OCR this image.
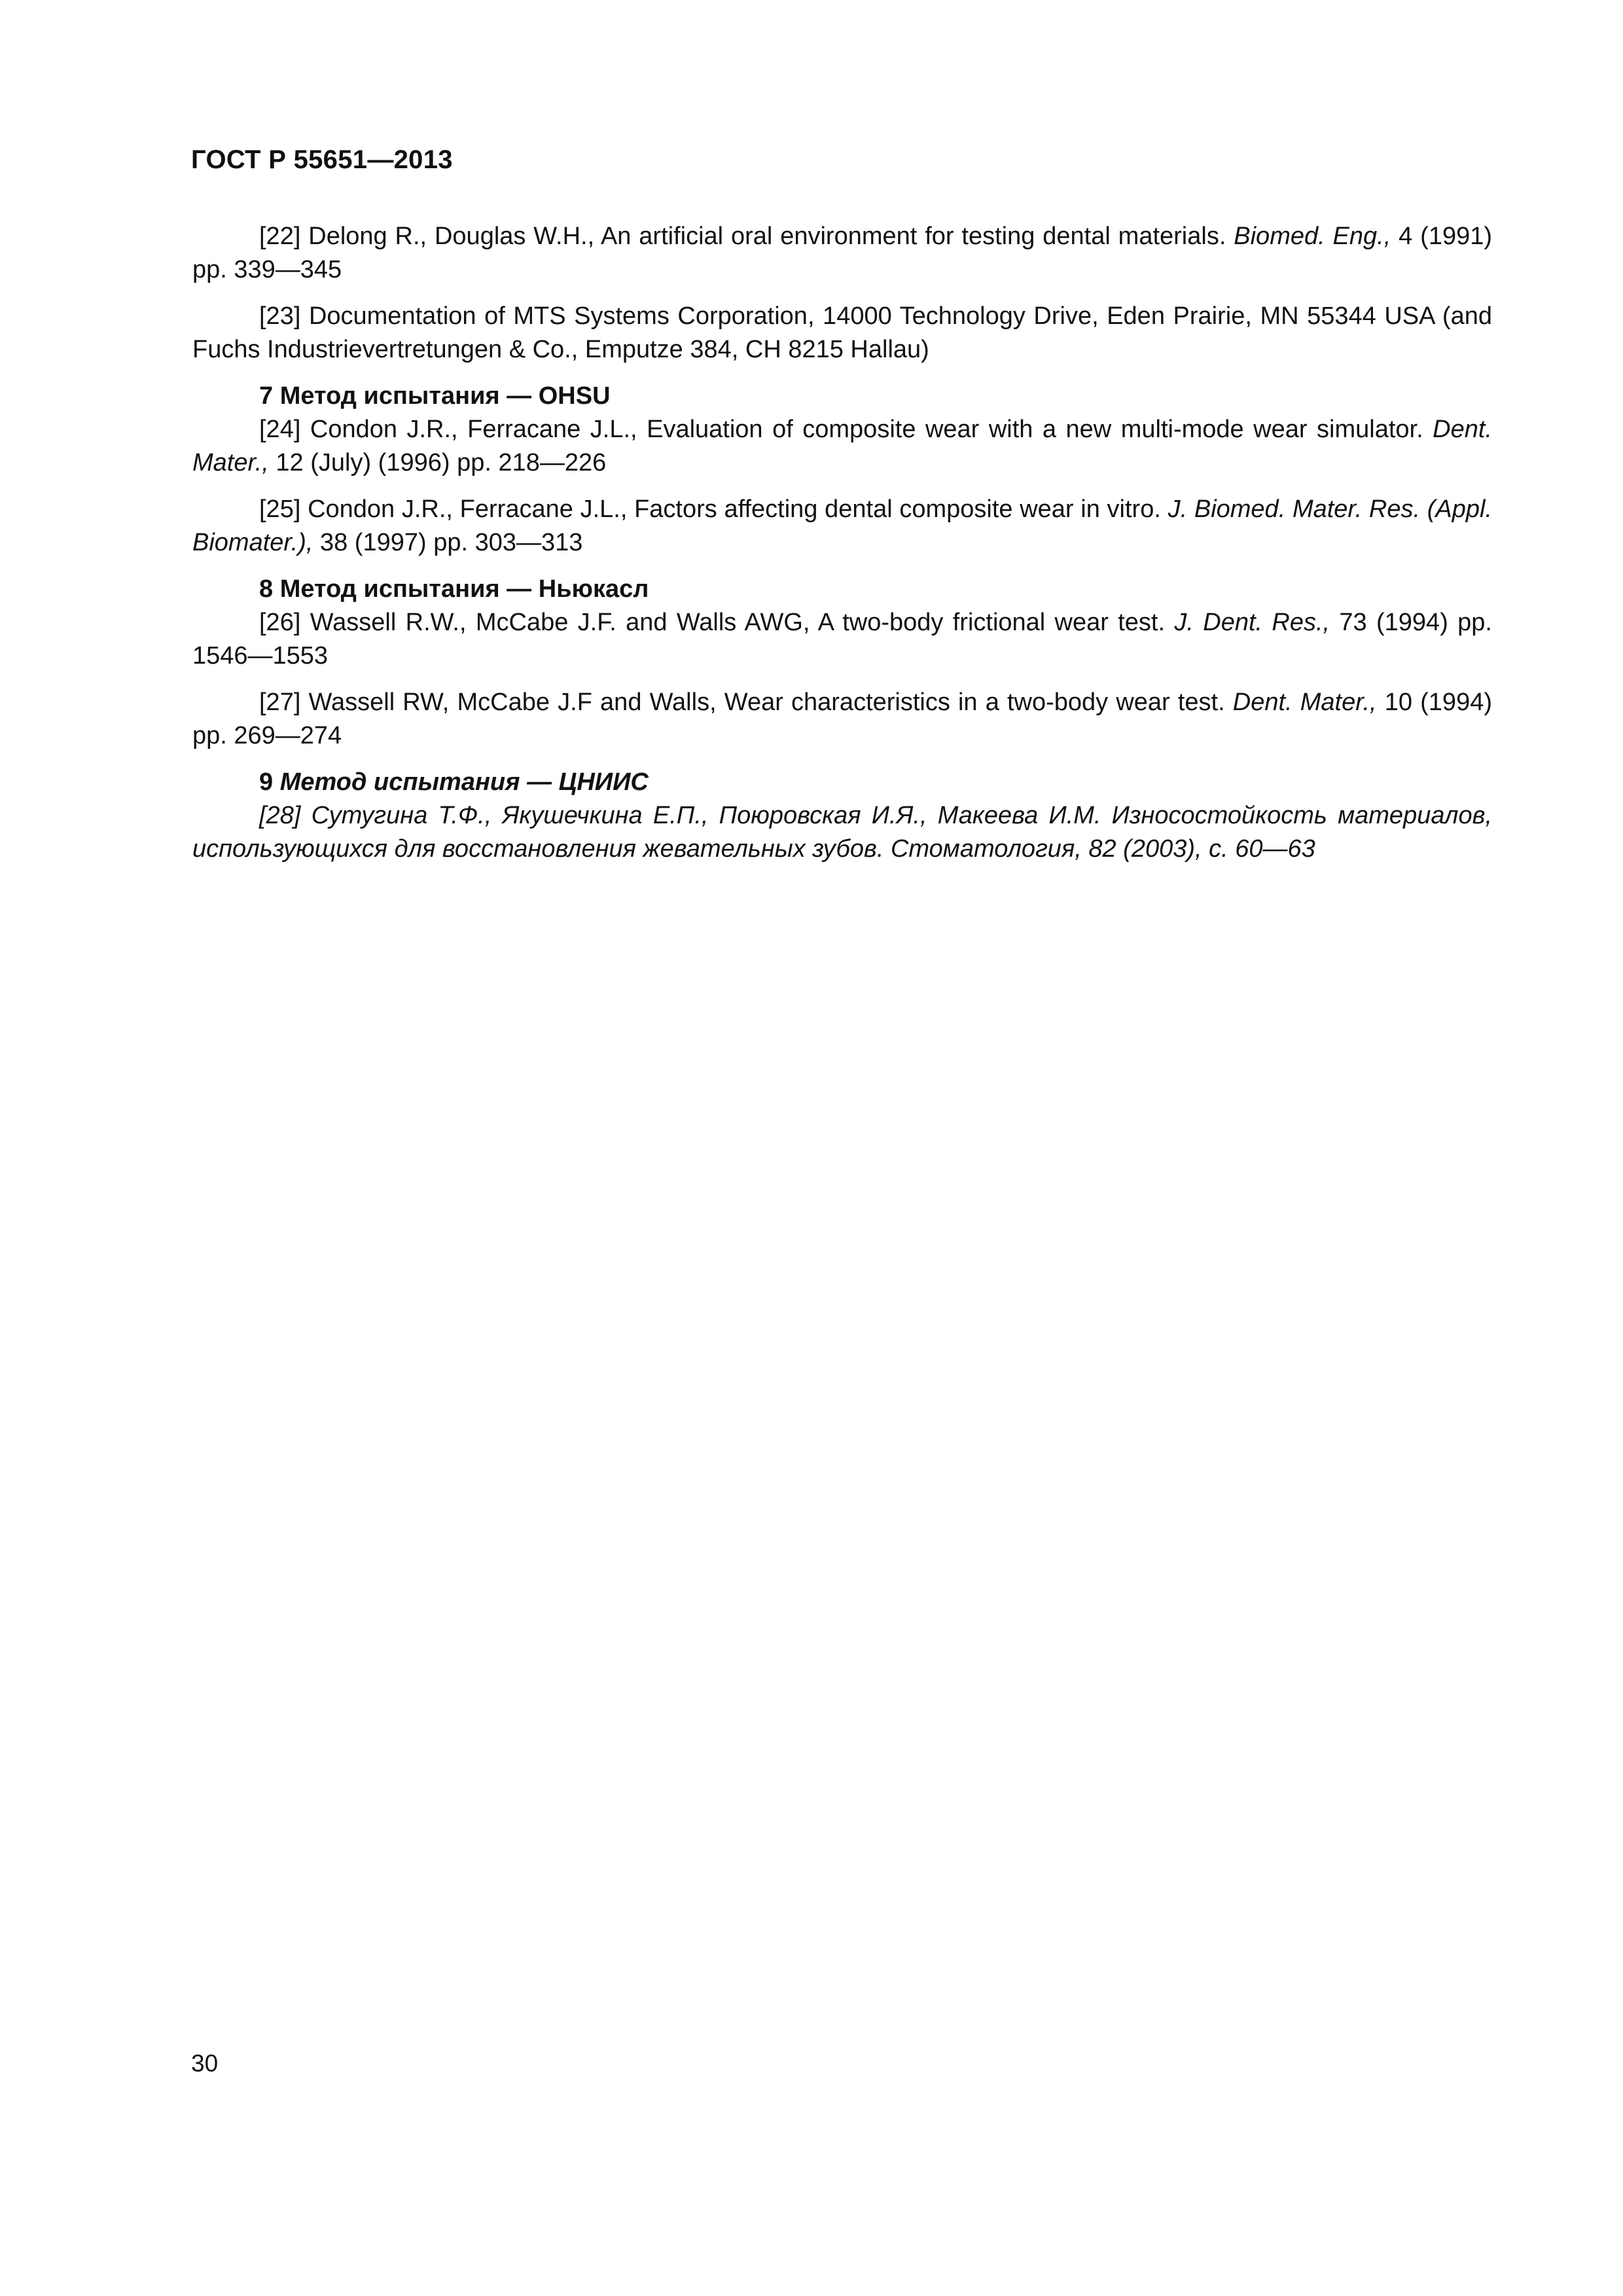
ГОСТ Р 55651—2013

[22] Delong R., Douglas W.H., An artificial oral environment for testing dental materials. Biomed. Eng., 4 (1991) pp. 339—345

[23] Documentation of MTS Systems Corporation, 14000 Technology Drive, Eden Prairie, MN 55344 USA (and Fuchs Industrievertretungen & Co., Emputze 384, CH 8215 Hallau)

7 Метод испытания — OHSU

[24] Condon J.R., Ferracane J.L., Evaluation of composite wear with a new multi-mode wear simulator. Dent. Mater., 12 (July) (1996) pp. 218—226

[25] Condon J.R., Ferracane J.L., Factors affecting dental composite wear in vitro. J. Biomed. Mater. Res. (Appl. Biomater.), 38 (1997) pp. 303—313

8 Метод испытания — Ньюкасл

[26] Wassell R.W., McCabe J.F. and Walls AWG, A two-body frictional wear test. J. Dent. Res., 73 (1994) pp. 1546—1553

[27] Wassell RW, McCabe J.F and Walls, Wear characteristics in a two-body wear test. Dent. Mater., 10 (1994) pp. 269—274

9 Метод испытания — ЦНИИС

[28] Сутугина Т.Ф., Якушечкина Е.П., Поюровская И.Я., Макеева И.М. Износостойкость материалов, использующихся для восстановления жевательных зубов. Стоматология, 82 (2003), с. 60—63

30
